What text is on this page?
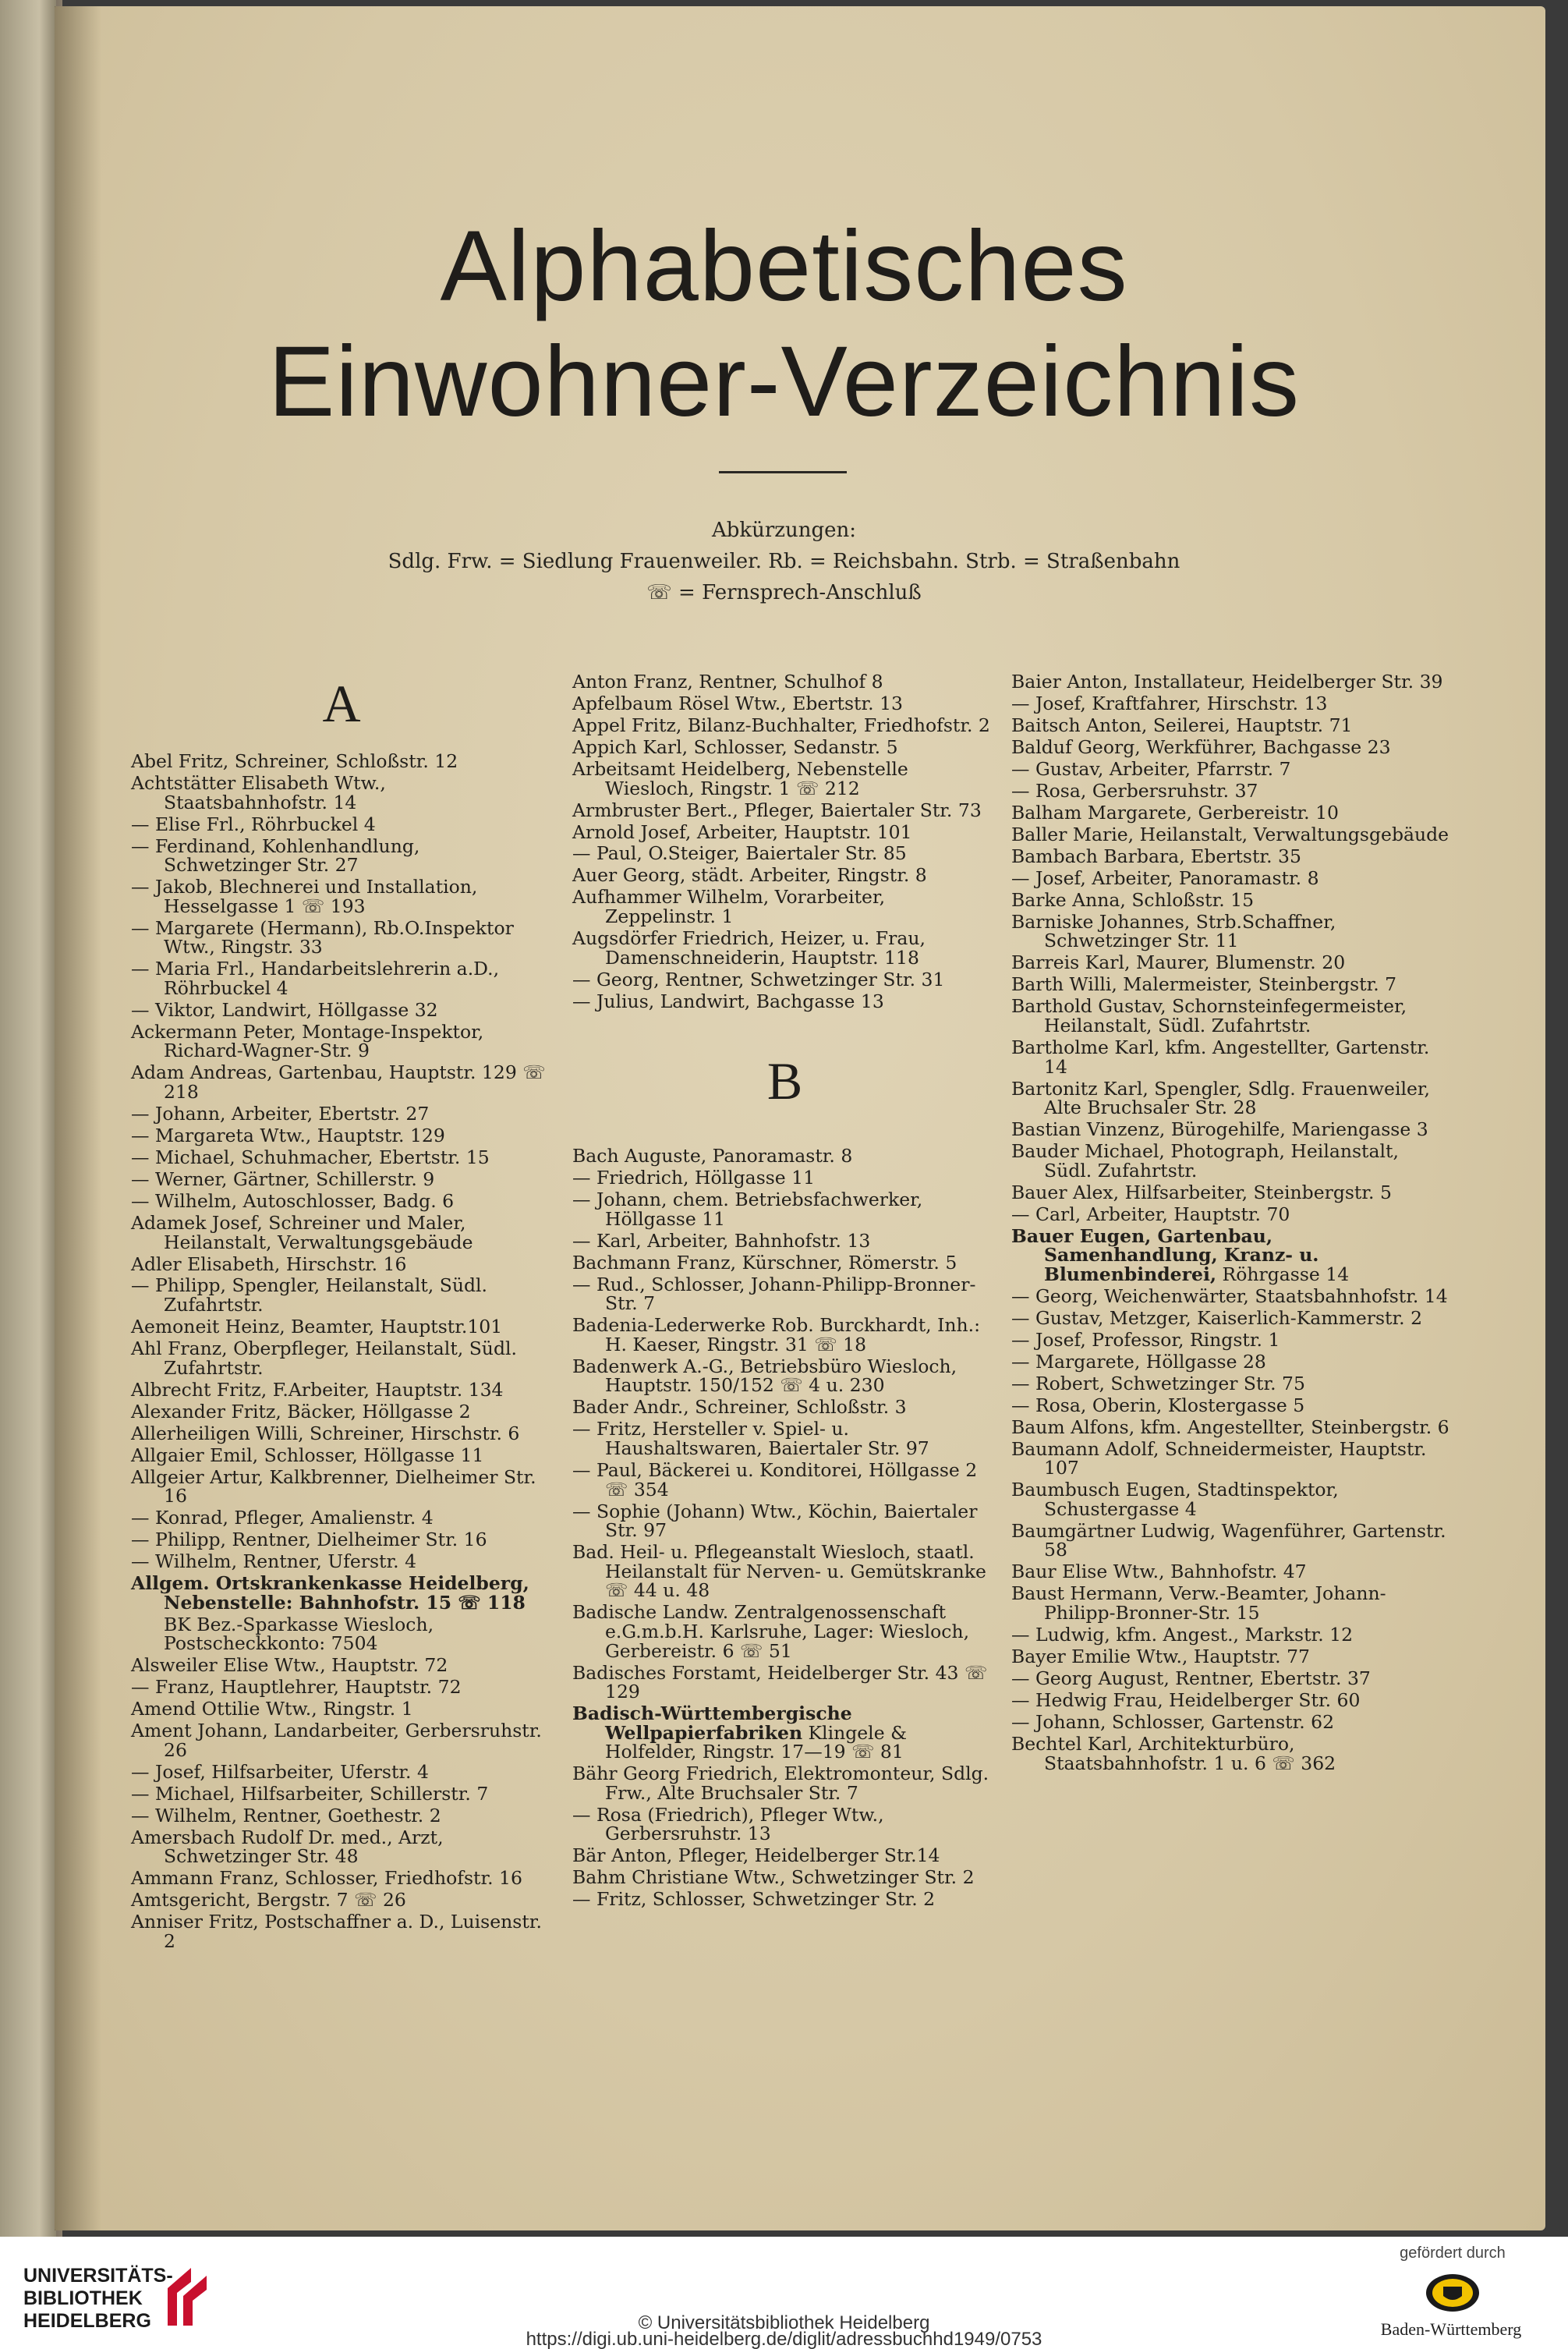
Alphabetisches
Einwohner-Verzeichnis
Abkürzungen:
Sdlg. Frw. = Siedlung Frauenweiler. Rb. = Reichsbahn. Strb. = Straßenbahn
☏ = Fernsprech-Anschluß
A
Abel Fritz, Schreiner, Schloßstr. 12
Achtstätter Elisabeth Wtw., Staatsbahnhofstr. 14
— Elise Frl., Röhrbuckel 4
— Ferdinand, Kohlenhandlung, Schwetzinger Str. 27
— Jakob, Blechnerei und Installation, Hesselgasse 1 ☏ 193
— Margarete (Hermann), Rb.O.Inspektor Wtw., Ringstr. 33
— Maria Frl., Handarbeitslehrerin a.D., Röhrbuckel 4
— Viktor, Landwirt, Höllgasse 32
Ackermann Peter, Montage-Inspektor, Richard-Wagner-Str. 9
Adam Andreas, Gartenbau, Hauptstr. 129 ☏ 218
— Johann, Arbeiter, Ebertstr. 27
— Margareta Wtw., Hauptstr. 129
— Michael, Schuhmacher, Ebertstr. 15
— Werner, Gärtner, Schillerstr. 9
— Wilhelm, Autoschlosser, Badg. 6
Adamek Josef, Schreiner und Maler, Heilanstalt, Verwaltungsgebäude
Adler Elisabeth, Hirschstr. 16
— Philipp, Spengler, Heilanstalt, Südl. Zufahrtstr.
Aemoneit Heinz, Beamter, Hauptstr.101
Ahl Franz, Oberpfleger, Heilanstalt, Südl. Zufahrtstr.
Albrecht Fritz, F.Arbeiter, Hauptstr. 134
Alexander Fritz, Bäcker, Höllgasse 2
Allerheiligen Willi, Schreiner, Hirschstr. 6
Allgaier Emil, Schlosser, Höllgasse 11
Allgeier Artur, Kalkbrenner, Dielheimer Str. 16
— Konrad, Pfleger, Amalienstr. 4
— Philipp, Rentner, Dielheimer Str. 16
— Wilhelm, Rentner, Uferstr. 4
Allgem. Ortskrankenkasse Heidelberg, Nebenstelle: Bahnhofstr. 15 ☏ 118
BK Bez.-Sparkasse Wiesloch, Postscheckkonto: 7504
Alsweiler Elise Wtw., Hauptstr. 72
— Franz, Hauptlehrer, Hauptstr. 72
Amend Ottilie Wtw., Ringstr. 1
Ament Johann, Landarbeiter, Gerbersruhstr. 26
— Josef, Hilfsarbeiter, Uferstr. 4
— Michael, Hilfsarbeiter, Schillerstr. 7
— Wilhelm, Rentner, Goethestr. 2
Amersbach Rudolf Dr. med., Arzt, Schwetzinger Str. 48
Ammann Franz, Schlosser, Friedhofstr. 16
Amtsgericht, Bergstr. 7 ☏ 26
Anniser Fritz, Postschaffner a. D., Luisenstr. 2
Anton Franz, Rentner, Schulhof 8
Apfelbaum Rösel Wtw., Ebertstr. 13
Appel Fritz, Bilanz-Buchhalter, Friedhofstr. 2
Appich Karl, Schlosser, Sedanstr. 5
Arbeitsamt Heidelberg, Nebenstelle Wiesloch, Ringstr. 1 ☏ 212
Armbruster Bert., Pfleger, Baiertaler Str. 73
Arnold Josef, Arbeiter, Hauptstr. 101
— Paul, O.Steiger, Baiertaler Str. 85
Auer Georg, städt. Arbeiter, Ringstr. 8
Aufhammer Wilhelm, Vorarbeiter, Zeppelinstr. 1
Augsdörfer Friedrich, Heizer, u. Frau, Damenschneiderin, Hauptstr. 118
— Georg, Rentner, Schwetzinger Str. 31
— Julius, Landwirt, Bachgasse 13
B
Bach Auguste, Panoramastr. 8
— Friedrich, Höllgasse 11
— Johann, chem. Betriebsfachwerker, Höllgasse 11
— Karl, Arbeiter, Bahnhofstr. 13
Bachmann Franz, Kürschner, Römerstr. 5
— Rud., Schlosser, Johann-Philipp-Bronner-Str. 7
Badenia-Lederwerke Rob. Burckhardt, Inh.: H. Kaeser, Ringstr. 31 ☏ 18
Badenwerk A.-G., Betriebsbüro Wiesloch, Hauptstr. 150/152 ☏ 4 u. 230
Bader Andr., Schreiner, Schloßstr. 3
— Fritz, Hersteller v. Spiel- u. Haushaltswaren, Baiertaler Str. 97
— Paul, Bäckerei u. Konditorei, Höllgasse 2 ☏ 354
— Sophie (Johann) Wtw., Köchin, Baiertaler Str. 97
Bad. Heil- u. Pflegeanstalt Wiesloch, staatl. Heilanstalt für Nerven- u. Gemütskranke ☏ 44 u. 48
Badische Landw. Zentralgenossenschaft e.G.m.b.H. Karlsruhe, Lager: Wiesloch, Gerbereistr. 6 ☏ 51
Badisches Forstamt, Heidelberger Str. 43 ☏ 129
Badisch-Württembergische Wellpapierfabriken Klingele & Holfelder, Ringstr. 17—19 ☏ 81
Bähr Georg Friedrich, Elektromonteur, Sdlg. Frw., Alte Bruchsaler Str. 7
— Rosa (Friedrich), Pfleger Wtw., Gerbersruhstr. 13
Bär Anton, Pfleger, Heidelberger Str.14
Bahm Christiane Wtw., Schwetzinger Str. 2
— Fritz, Schlosser, Schwetzinger Str. 2
Baier Anton, Installateur, Heidelberger Str. 39
— Josef, Kraftfahrer, Hirschstr. 13
Baitsch Anton, Seilerei, Hauptstr. 71
Balduf Georg, Werkführer, Bachgasse 23
— Gustav, Arbeiter, Pfarrstr. 7
— Rosa, Gerbersruhstr. 37
Balham Margarete, Gerbereistr. 10
Baller Marie, Heilanstalt, Verwaltungsgebäude
Bambach Barbara, Ebertstr. 35
— Josef, Arbeiter, Panoramastr. 8
Barke Anna, Schloßstr. 15
Barniske Johannes, Strb.Schaffner, Schwetzinger Str. 11
Barreis Karl, Maurer, Blumenstr. 20
Barth Willi, Malermeister, Steinbergstr. 7
Barthold Gustav, Schornsteinfegermeister, Heilanstalt, Südl. Zufahrtstr.
Bartholme Karl, kfm. Angestellter, Gartenstr. 14
Bartonitz Karl, Spengler, Sdlg. Frauenweiler, Alte Bruchsaler Str. 28
Bastian Vinzenz, Bürogehilfe, Mariengasse 3
Bauder Michael, Photograph, Heilanstalt, Südl. Zufahrtstr.
Bauer Alex, Hilfsarbeiter, Steinbergstr. 5
— Carl, Arbeiter, Hauptstr. 70
Bauer Eugen, Gartenbau, Samenhandlung, Kranz- u. Blumenbinderei, Röhrgasse 14
— Georg, Weichenwärter, Staatsbahnhofstr. 14
— Gustav, Metzger, Kaiserlich-Kammerstr. 2
— Josef, Professor, Ringstr. 1
— Margarete, Höllgasse 28
— Robert, Schwetzinger Str. 75
— Rosa, Oberin, Klostergasse 5
Baum Alfons, kfm. Angestellter, Steinbergstr. 6
Baumann Adolf, Schneidermeister, Hauptstr. 107
Baumbusch Eugen, Stadtinspektor, Schustergasse 4
Baumgärtner Ludwig, Wagenführer, Gartenstr. 58
Baur Elise Wtw., Bahnhofstr. 47
Baust Hermann, Verw.-Beamter, Johann-Philipp-Bronner-Str. 15
— Ludwig, kfm. Angest., Markstr. 12
Bayer Emilie Wtw., Hauptstr. 77
— Georg August, Rentner, Ebertstr. 37
— Hedwig Frau, Heidelberger Str. 60
— Johann, Schlosser, Gartenstr. 62
Bechtel Karl, Architekturbüro, Staatsbahnhofstr. 1 u. 6 ☏ 362
UNIVERSITÄTS-
BIBLIOTHEK
HEIDELBERG	© Universitätsbibliothek Heidelberg
https://digi.ub.uni-heidelberg.de/diglit/adressbuchhd1949/0753
gefördert durch
Baden-Württemberg
